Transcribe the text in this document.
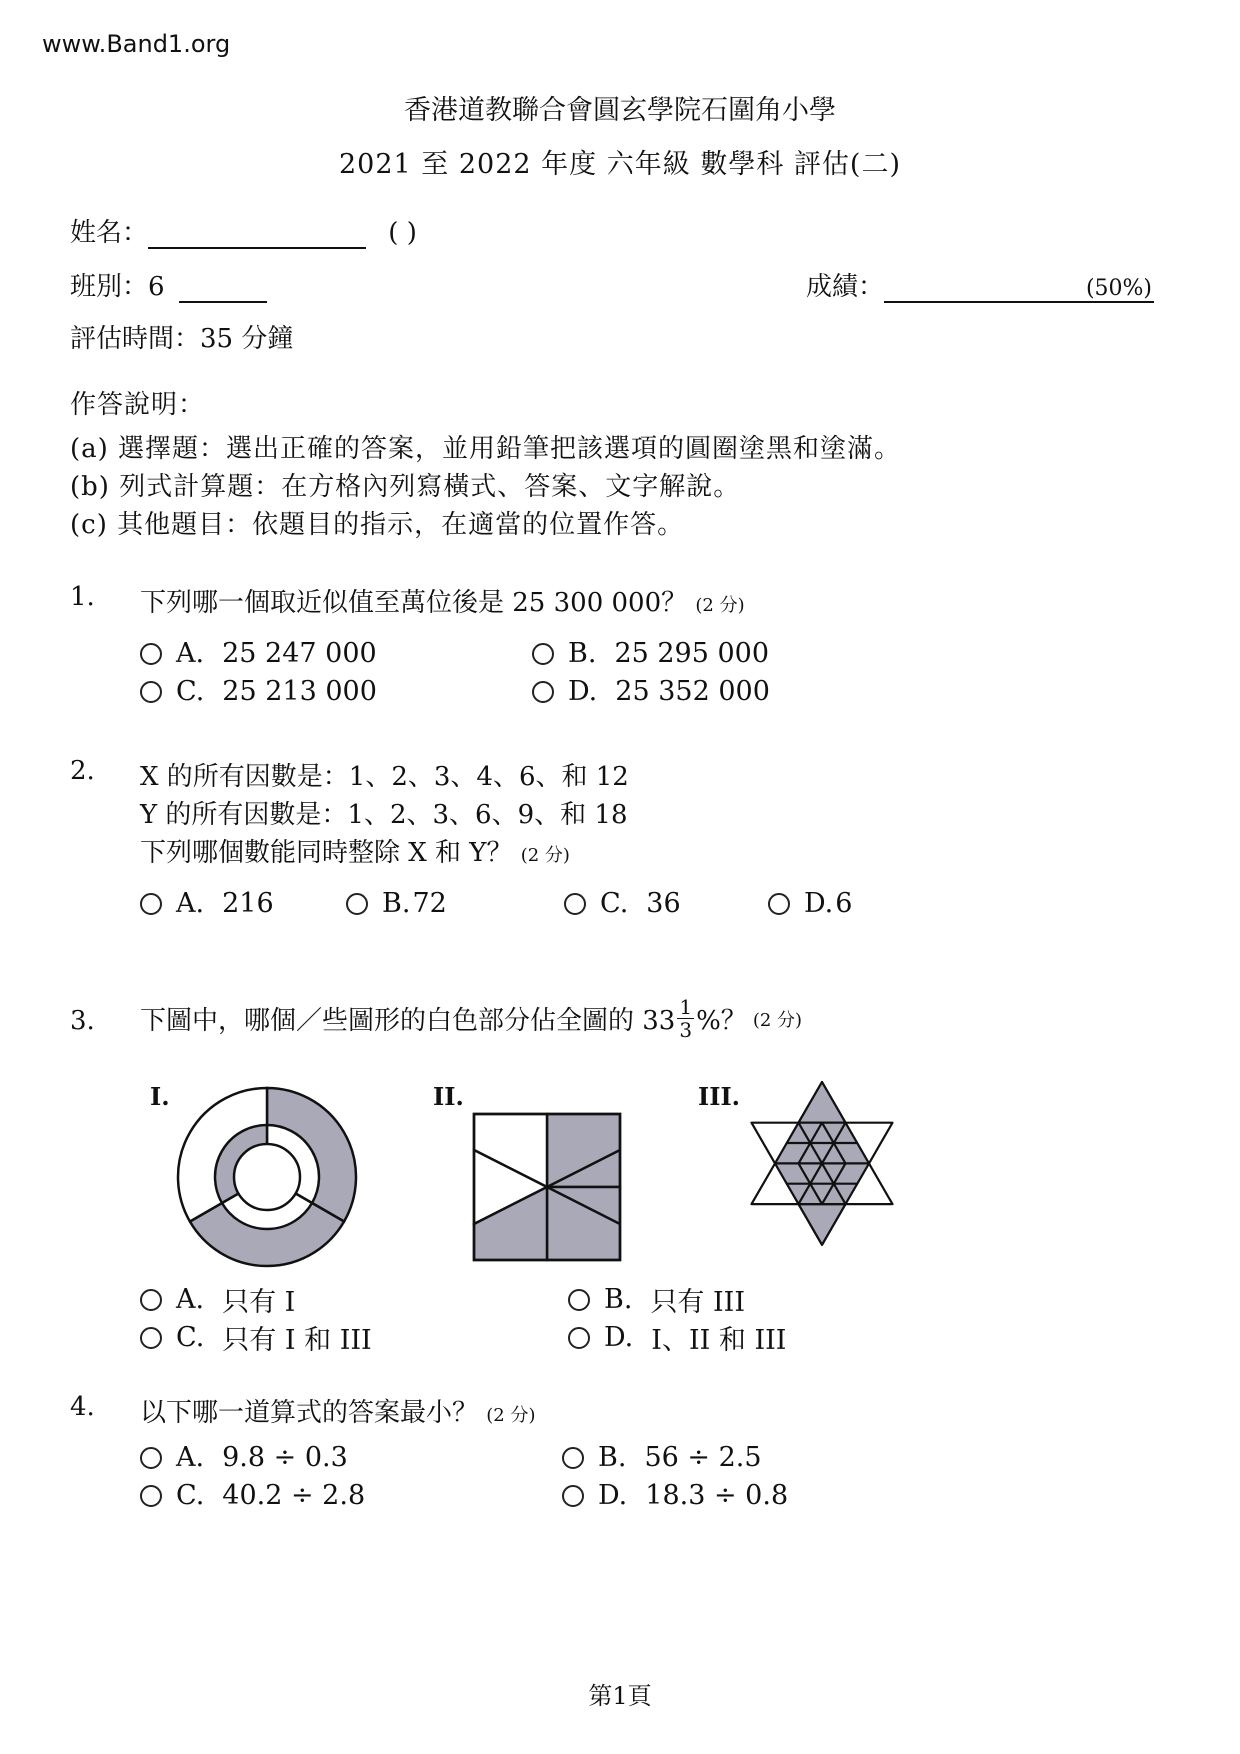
www.Band1.org
香港道教聯合會圓玄學院石圍角小學
2021 至 2022 年度 六年級 數學科 評估(二)
姓名：	( )
班別：6	成績：	(50%)
評估時間：35 分鐘
作答說明：
(a) 選擇題：選出正確的答案，並用鉛筆把該選項的圓圈塗黑和塗滿。
(b) 列式計算題：在方格內列寫橫式、答案、文字解說。
(c) 其他題目：依題目的指示，在適當的位置作答。
1. 下列哪一個取近似值至萬位後是 25 300 000？ (2 分)
A. 25 247 000	B. 25 295 000
C. 25 213 000	D. 25 352 000
2. X 的所有因數是：1、2、3、4、6、和 12
Y 的所有因數是：1、2、3、6、9、和 18
下列哪個數能同時整除 X 和 Y？ (2 分)
A. 216	B. 72	C. 36	D. 6
3. 下圖中，哪個／些圖形的白色部分佔全圖的 $33 \frac{1}{3}$ %？ (2 分)
I.	II.	III.
A. 只有 I	B. 只有 III
C. 只有 I 和 III	D. I、II 和 III
4. 以下哪一道算式的答案最小？ (2 分)
A. 9.8 ÷ 0.3	B. 56 ÷ 2.5
C. 40.2 ÷ 2.8	D. 18.3 ÷ 0.8
第1頁
